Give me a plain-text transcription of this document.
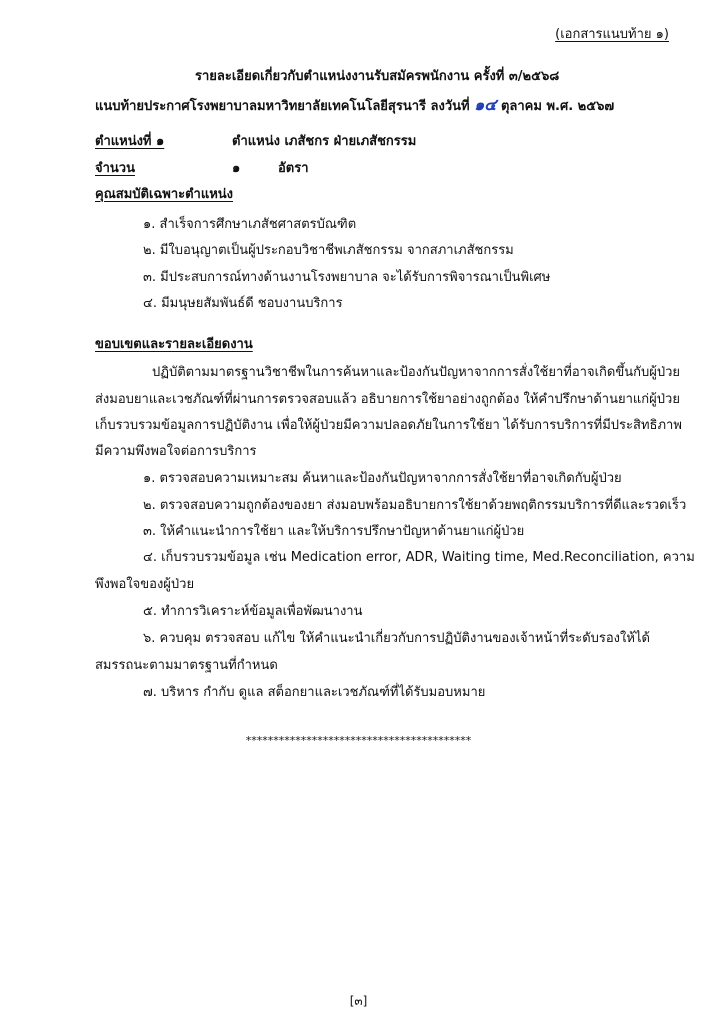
(เอกสารแนบท้าย ๑)
รายละเอียดเกี่ยวกับตำแหน่งงานรับสมัครพนักงาน ครั้งที่ ๓/๒๕๖๘
แนบท้ายประกาศโรงพยาบาลมหาวิทยาลัยเทคโนโลยีสุรนารี ลงวันที่ ๑๔ ตุลาคม พ.ศ. ๒๕๖๗
ตำแหน่งที่ ๑	ตำแหน่ง เภสัชกร ฝ่ายเภสัชกรรม
จำนวน	๑	อัตรา
คุณสมบัติเฉพาะตำแหน่ง
๑. สำเร็จการศึกษาเภสัชศาสตรบัณฑิต
๒. มีใบอนุญาตเป็นผู้ประกอบวิชาชีพเภสัชกรรม จากสภาเภสัชกรรม
๓. มีประสบการณ์ทางด้านงานโรงพยาบาล จะได้รับการพิจารณาเป็นพิเศษ
๔. มีมนุษยสัมพันธ์ดี ชอบงานบริการ
ขอบเขตและรายละเอียดงาน
ปฏิบัติตามมาตรฐานวิชาชีพในการค้นหาและป้องกันปัญหาจากการสั่งใช้ยาที่อาจเกิดขึ้นกับผู้ป่วย
ส่งมอบยาและเวชภัณฑ์ที่ผ่านการตรวจสอบแล้ว อธิบายการใช้ยาอย่างถูกต้อง ให้คำปรึกษาด้านยาแก่ผู้ป่วย
เก็บรวบรวมข้อมูลการปฏิบัติงาน เพื่อให้ผู้ป่วยมีความปลอดภัยในการใช้ยา ได้รับการบริการที่มีประสิทธิภาพ
มีความพึงพอใจต่อการบริการ
๑. ตรวจสอบความเหมาะสม ค้นหาและป้องกันปัญหาจากการสั่งใช้ยาที่อาจเกิดกับผู้ป่วย
๒. ตรวจสอบความถูกต้องของยา ส่งมอบพร้อมอธิบายการใช้ยาด้วยพฤติกรรมบริการที่ดีและรวดเร็ว
๓. ให้คำแนะนำการใช้ยา และให้บริการปรึกษาปัญหาด้านยาแก่ผู้ป่วย
๔. เก็บรวบรวมข้อมูล เช่น Medication error, ADR, Waiting time, Med.Reconciliation, ความ
พึงพอใจของผู้ป่วย
๕. ทำการวิเคราะห์ข้อมูลเพื่อพัฒนางาน
๖. ควบคุม ตรวจสอบ แก้ไข ให้คำแนะนำเกี่ยวกับการปฏิบัติงานของเจ้าหน้าที่ระดับรองให้ได้
สมรรถนะตามมาตรฐานที่กำหนด
๗. บริหาร กำกับ ดูแล สต็อกยาและเวชภัณฑ์ที่ได้รับมอบหมาย
*****************************************
[๓]
